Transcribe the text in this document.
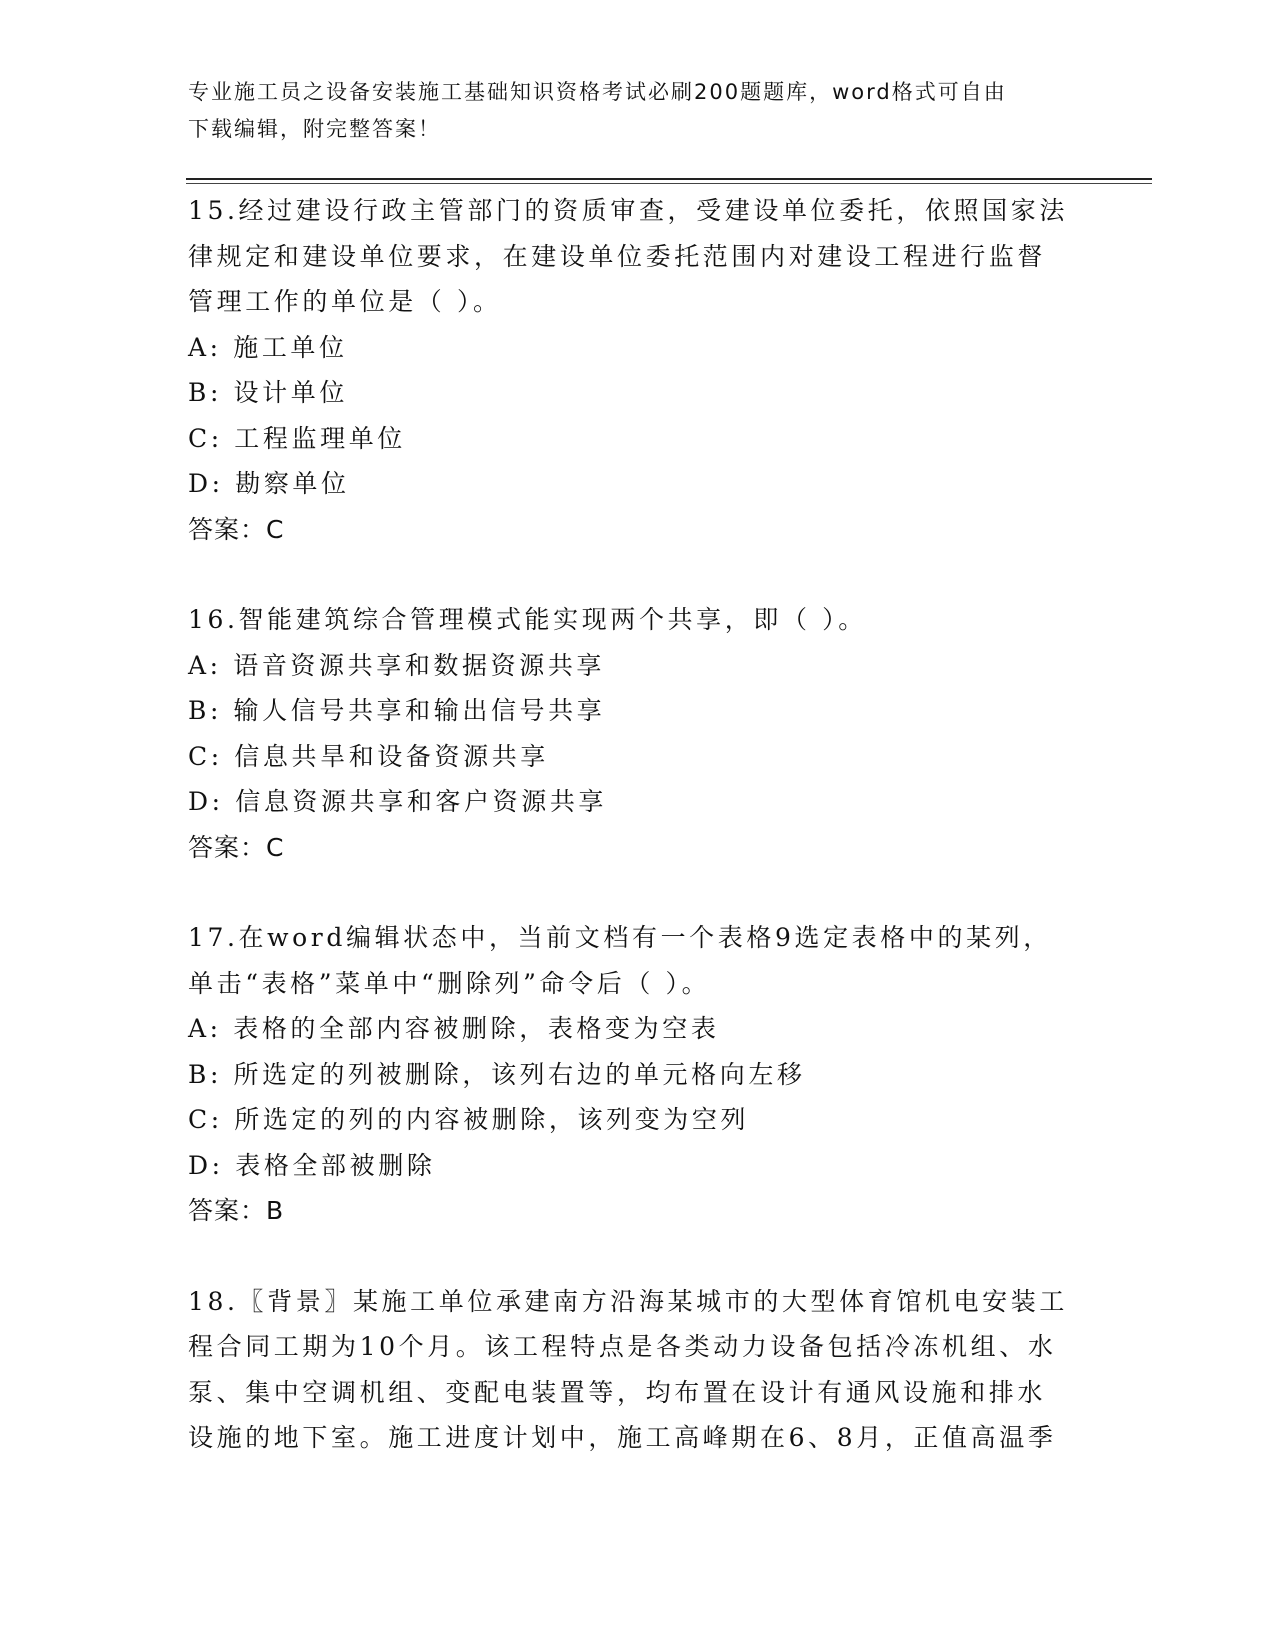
专业施工员之设备安装施工基础知识资格考试必刷200题题库，word格式可自由
下载编辑，附完整答案！
15.经过建设行政主管部门的资质审查，受建设单位委托，依照国家法
律规定和建设单位要求，在建设单位委托范围内对建设工程进行监督
管理工作的单位是（ ）。
A: 施工单位
B: 设计单位
C: 工程监理单位
D: 勘察单位
答案：C
16.智能建筑综合管理模式能实现两个共享，即（ ）。
A: 语音资源共享和数据资源共享
B: 输人信号共享和输出信号共享
C: 信息共旱和设备资源共享
D: 信息资源共享和客户资源共享
答案：C
17.在word编辑状态中，当前文档有一个表格9选定表格中的某列，
单击“表格”菜单中“删除列”命令后（ ）。
A: 表格的全部内容被删除，表格变为空表
B: 所选定的列被删除，该列右边的单元格向左移
C: 所选定的列的内容被删除，该列变为空列
D: 表格全部被删除
答案：B
18.〖背景〗某施工单位承建南方沿海某城市的大型体育馆机电安装工
程合同工期为10个月。该工程特点是各类动力设备包括冷冻机组、水
泵、集中空调机组、变配电装置等，均布置在设计有通风设施和排水
设施的地下室。施工进度计划中，施工高峰期在6、8月，正值高温季
